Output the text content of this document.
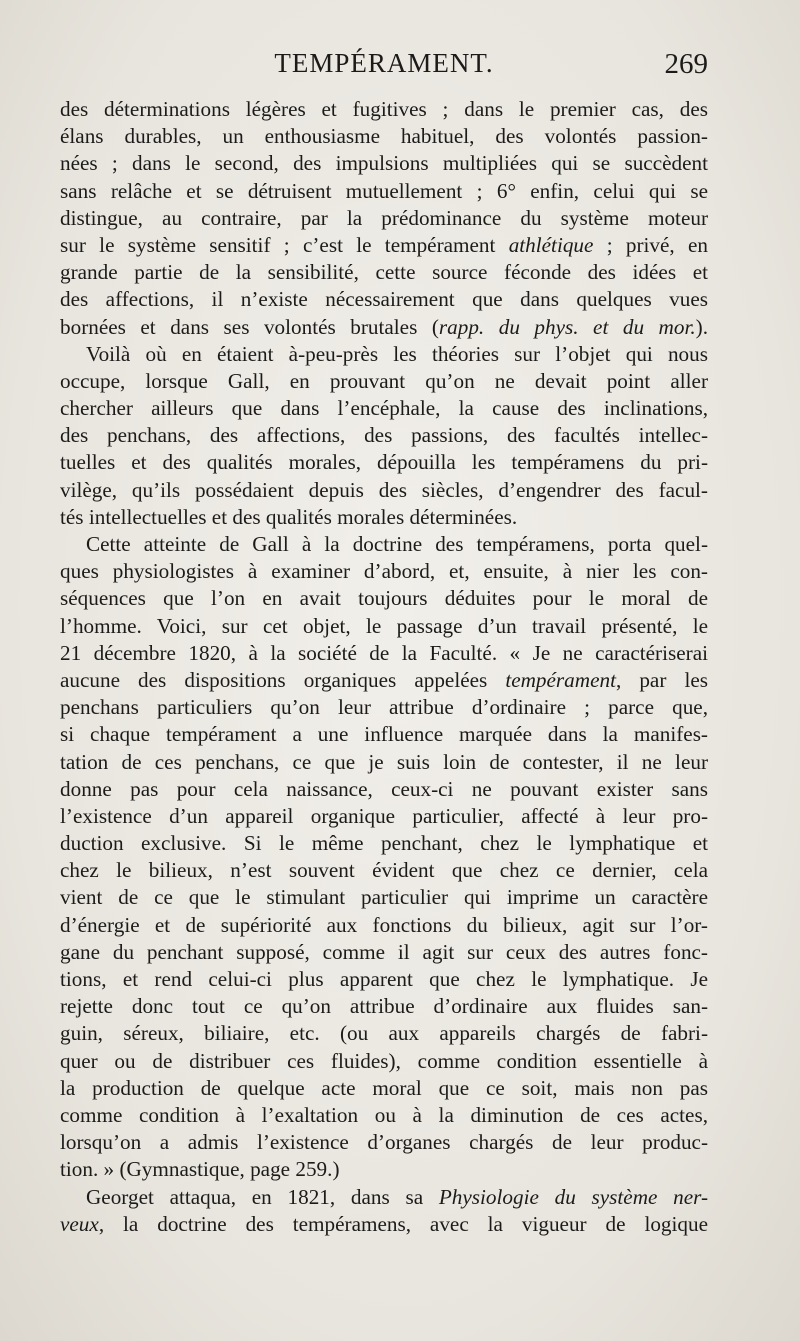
TEMPÉRAMENT.	269
des déterminations légères et fugitives ; dans le premier cas, des
élans durables, un enthousiasme habituel, des volontés passion-
nées ; dans le second, des impulsions multipliées qui se succèdent
sans relâche et se détruisent mutuellement ; 6° enfin, celui qui se
distingue, au contraire, par la prédominance du système moteur
sur le système sensitif ; c’est le tempérament athlétique ; privé, en
grande partie de la sensibilité, cette source féconde des idées et
des affections, il n’existe nécessairement que dans quelques vues
bornées et dans ses volontés brutales (rapp. du phys. et du mor.).
Voilà où en étaient à-peu-près les théories sur l’objet qui nous
occupe, lorsque Gall, en prouvant qu’on ne devait point aller
chercher ailleurs que dans l’encéphale, la cause des inclinations,
des penchans, des affections, des passions, des facultés intellec-
tuelles et des qualités morales, dépouilla les tempéramens du pri-
vilège, qu’ils possédaient depuis des siècles, d’engendrer des facul-
tés intellectuelles et des qualités morales déterminées.
Cette atteinte de Gall à la doctrine des tempéramens, porta quel-
ques physiologistes à examiner d’abord, et, ensuite, à nier les con-
séquences que l’on en avait toujours déduites pour le moral de
l’homme. Voici, sur cet objet, le passage d’un travail présenté, le
21 décembre 1820, à la société de la Faculté. « Je ne caractériserai
aucune des dispositions organiques appelées tempérament, par les
penchans particuliers qu’on leur attribue d’ordinaire ; parce que,
si chaque tempérament a une influence marquée dans la manifes-
tation de ces penchans, ce que je suis loin de contester, il ne leur
donne pas pour cela naissance, ceux-ci ne pouvant exister sans
l’existence d’un appareil organique particulier, affecté à leur pro-
duction exclusive. Si le même penchant, chez le lymphatique et
chez le bilieux, n’est souvent évident que chez ce dernier, cela
vient de ce que le stimulant particulier qui imprime un caractère
d’énergie et de supériorité aux fonctions du bilieux, agit sur l’or-
gane du penchant supposé, comme il agit sur ceux des autres fonc-
tions, et rend celui-ci plus apparent que chez le lymphatique. Je
rejette donc tout ce qu’on attribue d’ordinaire aux fluides san-
guin, séreux, biliaire, etc. (ou aux appareils chargés de fabri-
quer ou de distribuer ces fluides), comme condition essentielle à
la production de quelque acte moral que ce soit, mais non pas
comme condition à l’exaltation ou à la diminution de ces actes,
lorsqu’on a admis l’existence d’organes chargés de leur produc-
tion. » (Gymnastique, page 259.)
Georget attaqua, en 1821, dans sa Physiologie du système ner-
veux, la doctrine des tempéramens, avec la vigueur de logique
